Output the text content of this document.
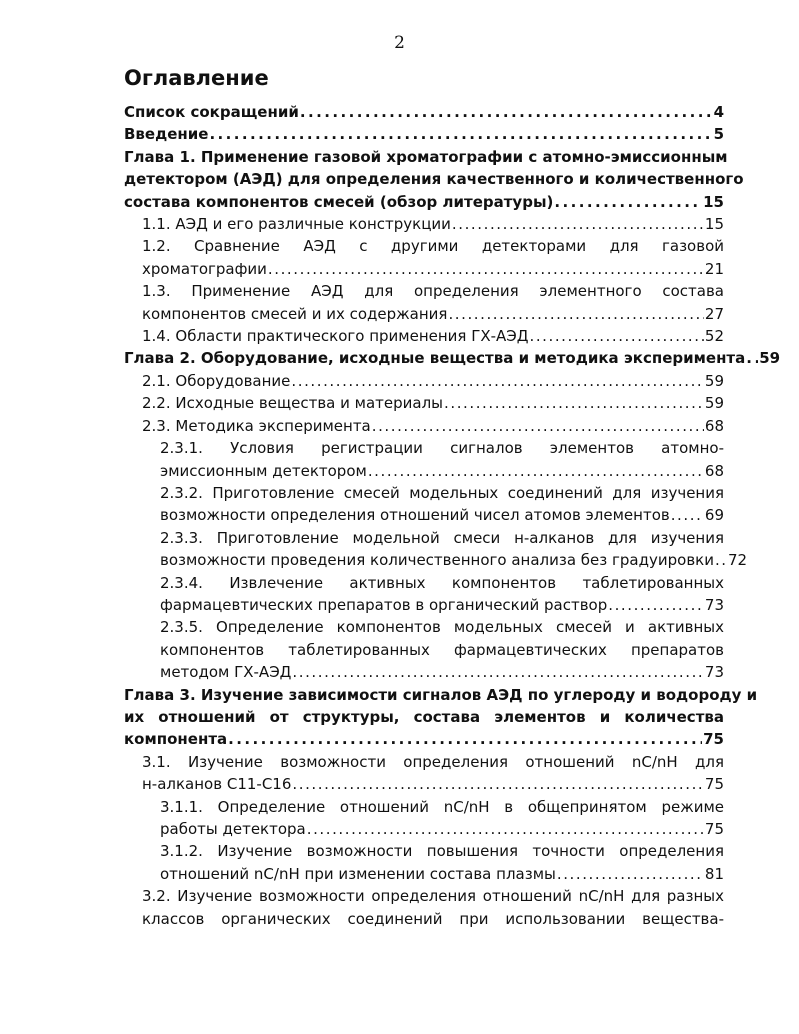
2
Оглавление
Список сокращений . . .	4
Введение . . .	5
Глава 1. Применение газовой хроматографии с атомно-эмиссионным
детектором (АЭД) для определения качественного и количественного
состава компонентов смесей (обзор литературы) . . .	15
1.1. АЭД и его различные конструкции . . .	15
1.2. Сравнение АЭД с другими детекторами для газовой
хроматографии . . .	21
1.3. Применение АЭД для определения элементного состава
компонентов смесей и их содержания . . .	27
1.4. Области практического применения ГХ-АЭД . . .	52
Глава 2. Оборудование, исходные вещества и методика эксперимента . . . 59
2.1. Оборудование . . .	59
2.2. Исходные вещества и материалы . . .	59
2.3. Методика эксперимента . . .	68
2.3.1. Условия регистрации сигналов элементов атомно-
эмиссионным детектором . . .	68
2.3.2. Приготовление смесей модельных соединений для изучения
возможности определения отношений чисел атомов элементов . . . 69
2.3.3. Приготовление модельной смеси н-алканов для изучения
возможности проведения количественного анализа без градуировки . . . 72
2.3.4. Извлечение активных компонентов таблетированных
фармацевтических препаратов в органический раствор . . .	73
2.3.5. Определение компонентов модельных смесей и активных
компонентов таблетированных фармацевтических препаратов
методом ГХ-АЭД . . .	73
Глава 3. Изучение зависимости сигналов АЭД по углероду и водороду и
их отношений от структуры, состава элементов и количества
компонента . . .	75
3.1. Изучение возможности определения отношений nC/nH для
н-алканов C11-C16 . . .	75
3.1.1. Определение отношений nC/nH в общепринятом режиме
работы детектора . . .	75
3.1.2. Изучение возможности повышения точности определения
отношений nC/nH при изменении состава плазмы . . .	81
3.2. Изучение возможности определения отношений nC/nH для разных
классов органических соединений при использовании вещества-
